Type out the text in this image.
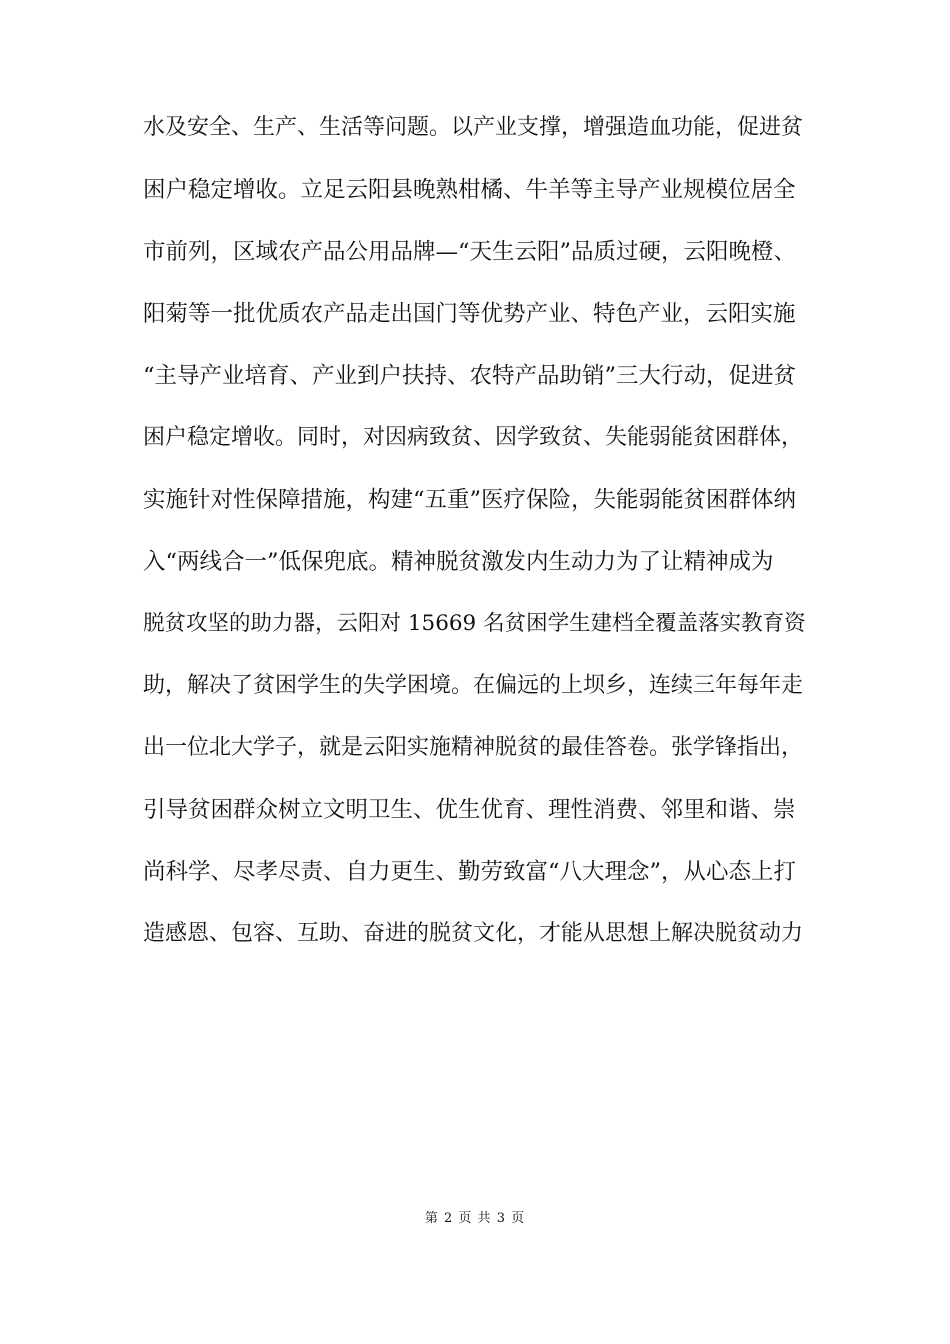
水及安全、生产、生活等问题。以产业支撑，增强造血功能，促进贫
困户稳定增收。立足云阳县晚熟柑橘、牛羊等主导产业规模位居全
市前列，区域农产品公用品牌—“天生云阳”品质过硬，云阳晚橙、
阳菊等一批优质农产品走出国门等优势产业、特色产业，云阳实施
“主导产业培育、产业到户扶持、农特产品助销”三大行动，促进贫
困户稳定增收。同时，对因病致贫、因学致贫、失能弱能贫困群体，
实施针对性保障措施，构建“五重”医疗保险，失能弱能贫困群体纳
入“两线合一”低保兜底。精神脱贫激发内生动力为了让精神成为
脱贫攻坚的助力器，云阳对 15669 名贫困学生建档全覆盖落实教育资
助，解决了贫困学生的失学困境。在偏远的上坝乡，连续三年每年走
出一位北大学子，就是云阳实施精神脱贫的最佳答卷。张学锋指出，
引导贫困群众树立文明卫生、优生优育、理性消费、邻里和谐、崇
尚科学、尽孝尽责、自力更生、勤劳致富“八大理念”，从心态上打
造感恩、包容、互助、奋进的脱贫文化，才能从思想上解决脱贫动力
第 2 页 共 3 页
